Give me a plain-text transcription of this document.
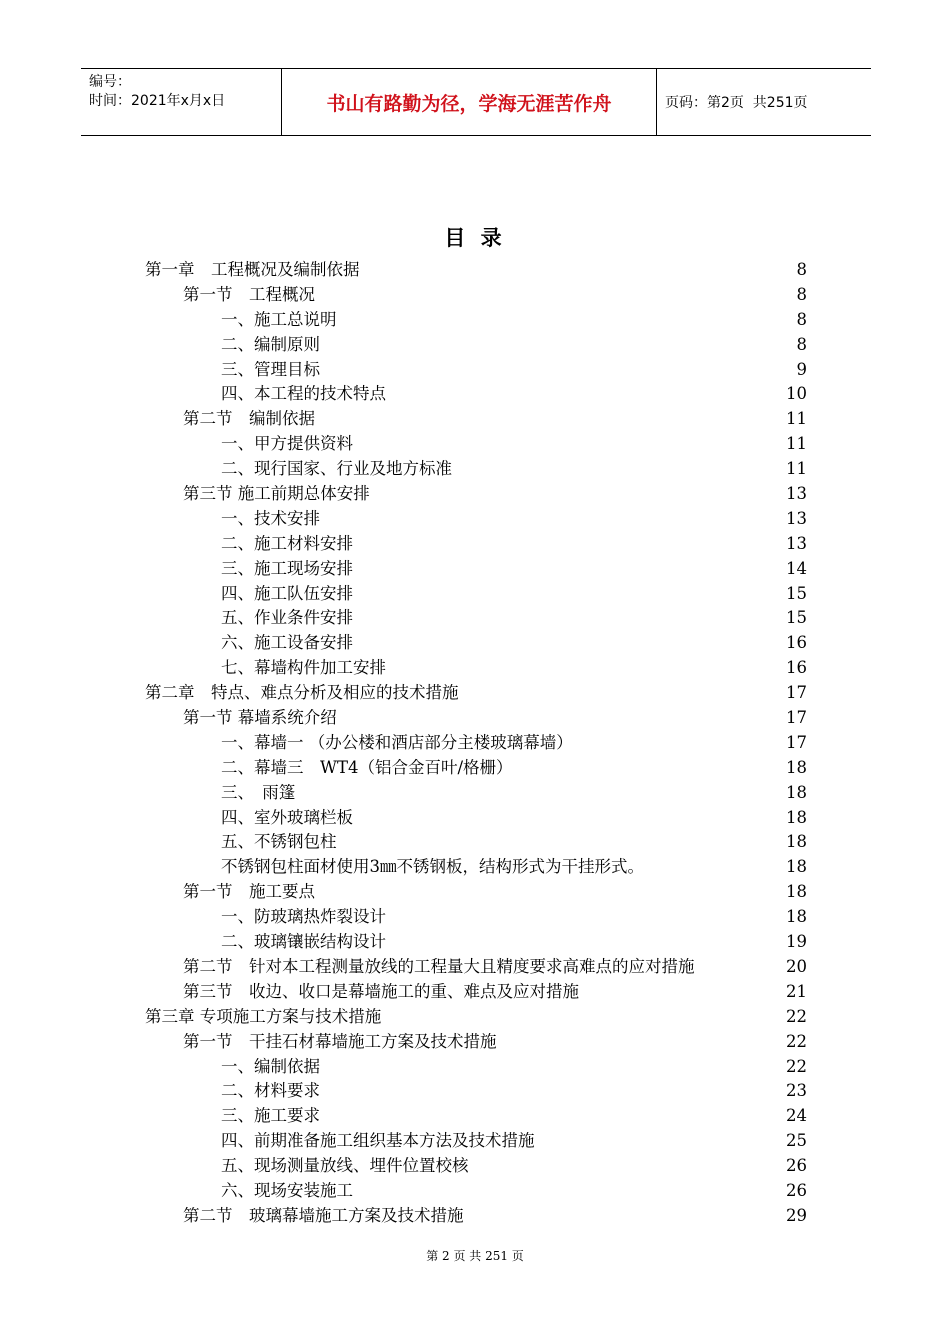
编号：
时间：2021年x月x日	书山有路勤为径，学海无涯苦作舟	页码：第2页  共251页
目 录
第一章　工程概况及编制依据	8
第一节　工程概况	8
一、施工总说明	8
二、编制原则	8
三、管理目标	9
四、本工程的技术特点	10
第二节　编制依据	11
一、甲方提供资料	11
二、现行国家、行业及地方标准	11
第三节 施工前期总体安排	13
一、技术安排	13
二、施工材料安排	13
三、施工现场安排	14
四、施工队伍安排	15
五、作业条件安排	15
六、施工设备安排	16
七、幕墙构件加工安排	16
第二章　特点、难点分析及相应的技术措施	17
第一节 幕墙系统介绍	17
一、幕墙一 （办公楼和酒店部分主楼玻璃幕墙）	17
二、幕墙三　WT4（铝合金百叶/格栅）	18
三、　雨篷	18
四、室外玻璃栏板	18
五、不锈钢包柱	18
不锈钢包柱面材使用3㎜不锈钢板，结构形式为干挂形式。	18
第一节　施工要点	18
一、防玻璃热炸裂设计	18
二、玻璃镶嵌结构设计	19
第二节　针对本工程测量放线的工程量大且精度要求高难点的应对措施	20
第三节　收边、收口是幕墙施工的重、难点及应对措施	21
第三章 专项施工方案与技术措施	22
第一节　干挂石材幕墙施工方案及技术措施	22
一、编制依据	22
二、材料要求	23
三、施工要求	24
四、前期准备施工组织基本方法及技术措施	25
五、现场测量放线、埋件位置校核	26
六、现场安装施工	26
第二节　玻璃幕墙施工方案及技术措施	29
第 2 页 共 251 页
